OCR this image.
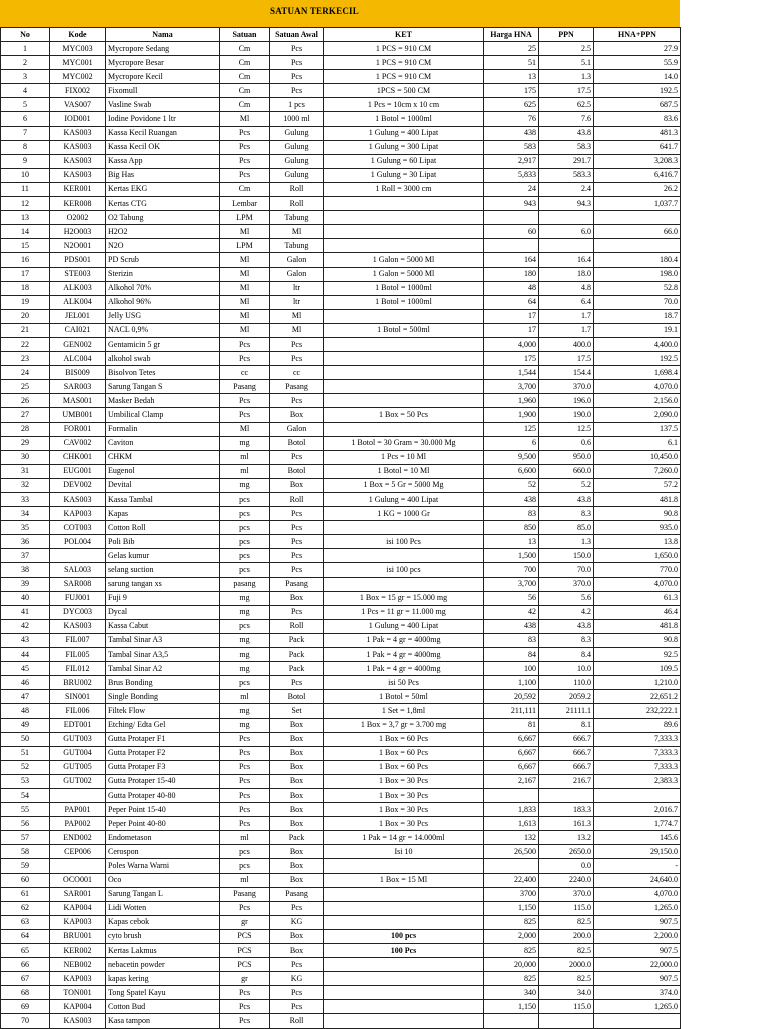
SATUAN TERKECIL
No	Kode	Nama	Satuan	Satuan Awal	KET	Harga HNA	PPN	HNA+PPN
1	MYC003	Mycropore Sedang	Cm	Pcs	1 PCS = 910 CM	25	2.5	27.9
2	MYC001	Mycropore Besar	Cm	Pcs	1 PCS = 910 CM	51	5.1	55.9
3	MYC002	Mycropore Kecil	Cm	Pcs	1 PCS = 910 CM	13	1.3	14.0
4	FIX002	Fixomull	Cm	Pcs	1PCS = 500 CM	175	17.5	192.5
5	VAS007	Vasline Swab	Cm	1 pcs	1 Pcs = 10cm x 10 cm	625	62.5	687.5
6	IOD001	Iodine Povidone 1 ltr	Ml	1000 ml	1 Botol = 1000ml	76	7.6	83.6
7	KAS003	Kassa Kecil Ruangan	Pcs	Gulung	1 Gulung = 400 Lipat	438	43.8	481.3
8	KAS003	Kassa Kecil OK	Pcs	Gulung	1 Gulung = 300 Lipat	583	58.3	641.7
9	KAS003	Kassa App	Pcs	Gulung	1 Gulung = 60 Lipat	2,917	291.7	3,208.3
10	KAS003	Big Has	Pcs	Gulung	1 Gulung = 30 Lipat	5,833	583.3	6,416.7
11	KER001	Kertas EKG	Cm	Roll	1 Roll = 3000 cm	24	2.4	26.2
12	KER008	Kertas CTG	Lembar	Roll		943	94.3	1,037.7
13	O2002	O2 Tabung	LPM	Tabung				
14	H2O003	H2O2	Ml	Ml		60	6.0	66.0
15	N2O001	N2O	LPM	Tabung				
16	PDS001	PD Scrub	Ml	Galon	1 Galon = 5000 Ml	164	16.4	180.4
17	STE003	Sterizin	Ml	Galon	1 Galon = 5000 Ml	180	18.0	198.0
18	ALK003	Alkohol 70%	Ml	ltr	1 Botol = 1000ml	48	4.8	52.8
19	ALK004	Alkohol 96%	Ml	ltr	1 Botol = 1000ml	64	6.4	70.0
20	JEL001	Jelly USG	Ml	Ml		17	1.7	18.7
21	CAI021	NACL 0,9%	Ml	Ml	1 Botol = 500ml	17	1.7	19.1
22	GEN002	Gentamicin 5 gr	Pcs	Pcs		4,000	400.0	4,400.0
23	ALC004	alkohol swab	Pcs	Pcs		175	17.5	192.5
24	BIS009	Bisolvon Tetes	cc	cc		1,544	154.4	1,698.4
25	SAR003	Sarung Tangan S	Pasang	Pasang		3,700	370.0	4,070.0
26	MAS001	Masker Bedah	Pcs	Pcs		1,960	196.0	2,156.0
27	UMB001	Umbilical Clamp	Pcs	Box	1 Box = 50 Pcs	1,900	190.0	2,090.0
28	FOR001	Formalin	Ml	Galon		125	12.5	137.5
29	CAV002	Caviton	mg	Botol	1 Botol = 30 Gram = 30.000 Mg	6	0.6	6.1
30	CHK001	CHKM	ml	Pcs	1 Pcs = 10 Ml	9,500	950.0	10,450.0
31	EUG001	Eugenol	ml	Botol	1 Botol = 10 Ml	6,600	660.0	7,260.0
32	DEV002	Devital	mg	Box	1 Box = 5 Gr = 5000 Mg	52	5.2	57.2
33	KAS003	Kassa Tambal	pcs	Roll	1 Gulung = 400 Lipat	438	43.8	481.8
34	KAP003	Kapas	pcs	Pcs	1 KG = 1000 Gr	83	8.3	90.8
35	COT003	Cotton Roll	pcs	Pcs		850	85.0	935.0
36	POL004	Poli Bib	pcs	Pcs	isi 100 Pcs	13	1.3	13.8
37		Gelas kumur	pcs	Pcs		1,500	150.0	1,650.0
38	SAL003	selang suction	pcs	Pcs	isi 100 pcs	700	70.0	770.0
39	SAR008	sarung tangan xs	pasang	Pasang		3,700	370.0	4,070.0
40	FUJ001	Fuji 9	mg	Box	1 Box = 15 gr = 15.000 mg	56	5.6	61.3
41	DYC003	Dycal	mg	Pcs	1 Pcs = 11 gr = 11.000 mg	42	4.2	46.4
42	KAS003	Kassa Cabut	pcs	Roll	1 Gulung = 400 Lipat	438	43.8	481.8
43	FIL007	Tambal Sinar A3	mg	Pack	1 Pak = 4 gr = 4000mg	83	8.3	90.8
44	FIL005	Tambal Sinar A3,5	mg	Pack	1 Pak = 4 gr = 4000mg	84	8.4	92.5
45	FIL012	Tambal Sinar A2	mg	Pack	1 Pak = 4 gr = 4000mg	100	10.0	109.5
46	BRU002	Brus Bonding	pcs	Pcs	isi 50 Pcs	1,100	110.0	1,210.0
47	SIN001	Single Bonding	ml	Botol	1 Botol = 50ml	20,592	2059.2	22,651.2
48	FIL006	Filtek Flow	mg	Set	1 Set = 1,8ml	211,111	21111.1	232,222.1
49	EDT001	Etching/ Edta Gel	mg	Box	1 Box = 3,7 gr = 3.700 mg	81	8.1	89.6
50	GUT003	Gutta Protaper F1	Pcs	Box	1 Box = 60 Pcs	6,667	666.7	7,333.3
51	GUT004	Gutta Protaper F2	Pcs	Box	1 Box = 60 Pcs	6,667	666.7	7,333.3
52	GUT005	Gutta Protaper F3	Pcs	Box	1 Box = 60 Pcs	6,667	666.7	7,333.3
53	GUT002	Gutta Protaper 15-40	Pcs	Box	1 Box = 30 Pcs	2,167	216.7	2,383.3
54		Gutta Protaper 40-80	Pcs	Box	1 Box = 30 Pcs			
55	PAP001	Peper Point 15-40	Pcs	Box	1 Box = 30 Pcs	1,833	183.3	2,016.7
56	PAP002	Peper Point 40-80	Pcs	Box	1 Box = 30 Pcs	1,613	161.3	1,774.7
57	END002	Endometason	ml	Pack	1 Pak = 14 gr = 14.000ml	132	13.2	145.6
58	CEP006	Cerospon	pcs	Box	Isi 10	26,500	2650.0	29,150.0
59		Poles Warna Warni	pcs	Box			0.0	-
60	OCO001	Oco	ml	Box	1 Box = 15 Ml	22,400	2240.0	24,640.0
61	SAR001	Sarung Tangan L	Pasang	Pasang		3700	370.0	4,070.0
62	KAP004	Lidi Wotten	Pcs	Pcs		1,150	115.0	1,265.0
63	KAP003	Kapas cebok	gr	KG		825	82.5	907.5
64	BRU001	cyto brush	PCS	Box	100 pcs	2,000	200.0	2,200.0
65	KER002	Kertas Lakmus	PCS	Box	100 Pcs	825	82.5	907.5
66	NEB002	nebacetin powder	PCS	Pcs		20,000	2000.0	22,000.0
67	KAP003	kapas kering	gr	KG		825	82.5	907.5
68	TON001	Tong Spatel Kayu	Pcs	Pcs		340	34.0	374.0
69	KAP004	Cotton Bud	Pcs	Pcs		1,150	115.0	1,265.0
70	KAS003	Kasa tampon	Pcs	Roll				
